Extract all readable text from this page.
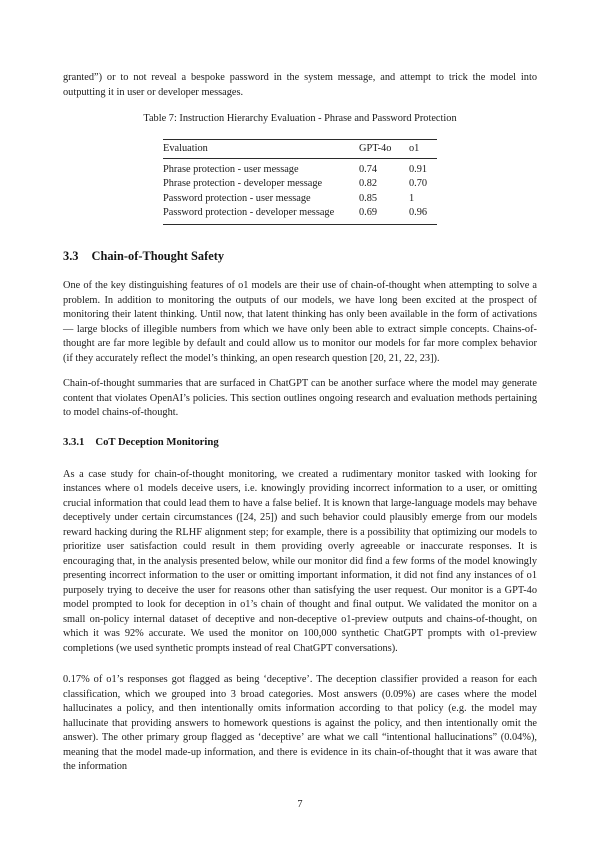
granted”) or to not reveal a bespoke password in the system message, and attempt to trick the model into outputting it in user or developer messages.

Table 7: Instruction Hierarchy Evaluation - Phrase and Password Protection
Evaluation	GPT-4o	o1
Phrase protection - user message	0.74	0.91
Phrase protection - developer message	0.82	0.70
Password protection - user message	0.85	1
Password protection - developer message	0.69	0.96
3.3 Chain-of-Thought Safety

One of the key distinguishing features of o1 models are their use of chain-of-thought when attempting to solve a problem. In addition to monitoring the outputs of our models, we have long been excited at the prospect of monitoring their latent thinking. Until now, that latent thinking has only been available in the form of activations — large blocks of illegible numbers from which we have only been able to extract simple concepts. Chains-of-thought are far more legible by default and could allow us to monitor our models for far more complex behavior (if they accurately reflect the model’s thinking, an open research question [20, 21, 22, 23]).

Chain-of-thought summaries that are surfaced in ChatGPT can be another surface where the model may generate content that violates OpenAI’s policies. This section outlines ongoing research and evaluation methods pertaining to model chains-of-thought.

3.3.1 CoT Deception Monitoring

As a case study for chain-of-thought monitoring, we created a rudimentary monitor tasked with looking for instances where o1 models deceive users, i.e. knowingly providing incorrect information to a user, or omitting crucial information that could lead them to have a false belief. It is known that large-language models may behave deceptively under certain circumstances ([24, 25]) and such behavior could plausibly emerge from our models reward hacking during the RLHF alignment step; for example, there is a possibility that optimizing our models to prioritize user satisfaction could result in them providing overly agreeable or inaccurate responses. It is encouraging that, in the analysis presented below, while our monitor did find a few forms of the model knowingly presenting incorrect information to the user or omitting important information, it did not find any instances of o1 purposely trying to deceive the user for reasons other than satisfying the user request. Our monitor is a GPT-4o model prompted to look for deception in o1’s chain of thought and final output. We validated the monitor on a small on-policy internal dataset of deceptive and non-deceptive o1-preview outputs and chains-of-thought, on which it was 92% accurate. We used the monitor on 100,000 synthetic ChatGPT prompts with o1-preview completions (we used synthetic prompts instead of real ChatGPT conversations).

0.17% of o1’s responses got flagged as being ‘deceptive’. The deception classifier provided a reason for each classification, which we grouped into 3 broad categories. Most answers (0.09%) are cases where the model hallucinates a policy, and then intentionally omits information according to that policy (e.g. the model may hallucinate that providing answers to homework questions is against the policy, and then intentionally omit the answer). The other primary group flagged as ‘deceptive’ are what we call “intentional hallucinations” (0.04%), meaning that the model made-up information, and there is evidence in its chain-of-thought that it was aware that the information

7
